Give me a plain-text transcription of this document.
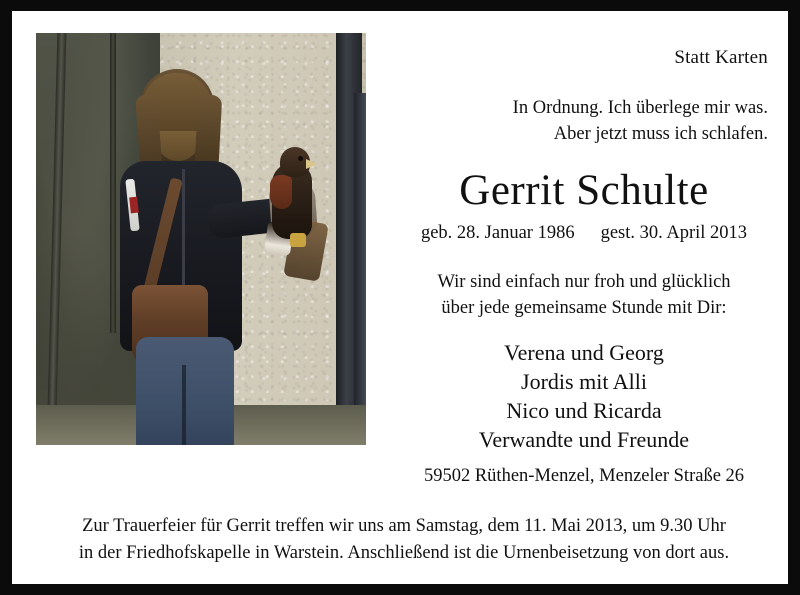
Statt Karten
In Ordnung. Ich überlege mir was.
Aber jetzt muss ich schlafen.
Gerrit Schulte
geb. 28. Januar 1986 gest. 30. April 2013
Wir sind einfach nur froh und glücklich
über jede gemeinsame Stunde mit Dir:
Verena und Georg
Jordis mit Alli
Nico und Ricarda
Verwandte und Freunde
59502 Rüthen-Menzel, Menzeler Straße 26
Zur Trauerfeier für Gerrit treffen wir uns am Samstag, dem 11. Mai 2013, um 9.30 Uhr
in der Friedhofskapelle in Warstein. Anschließend ist die Urnenbeisetzung von dort aus.
